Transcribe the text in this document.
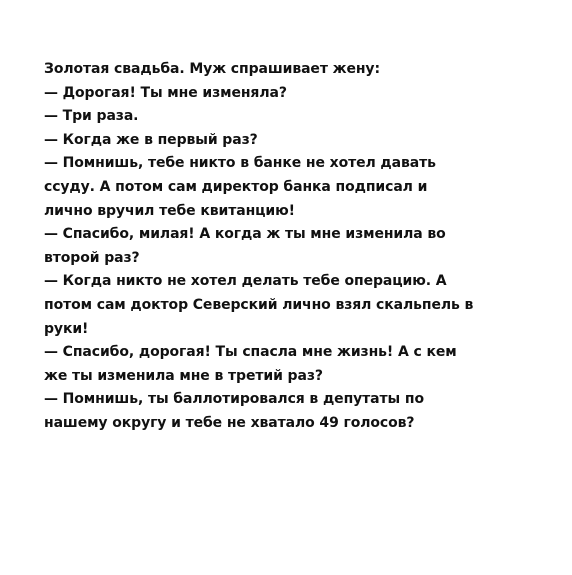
Золотая свадьба. Муж спрашивает жену:
— Дорогая! Ты мне изменяла?
— Три раза.
— Когда же в первый раз?
— Помнишь, тебе никто в банке не хотел давать
ссуду. А потом сам директор банка подписал и
лично вручил тебе квитанцию!
— Спасибо, милая! А когда ж ты мне изменила во
второй раз?
— Когда никто не хотел делать тебе операцию. А
потом сам доктор Северский лично взял скальпель в
руки!
— Спасибо, дорогая! Ты спасла мне жизнь! А с кем
же ты изменила мне в третий раз?
— Помнишь, ты баллотировался в депутаты по
нашему округу и тебе не хватало 49 голосов?
